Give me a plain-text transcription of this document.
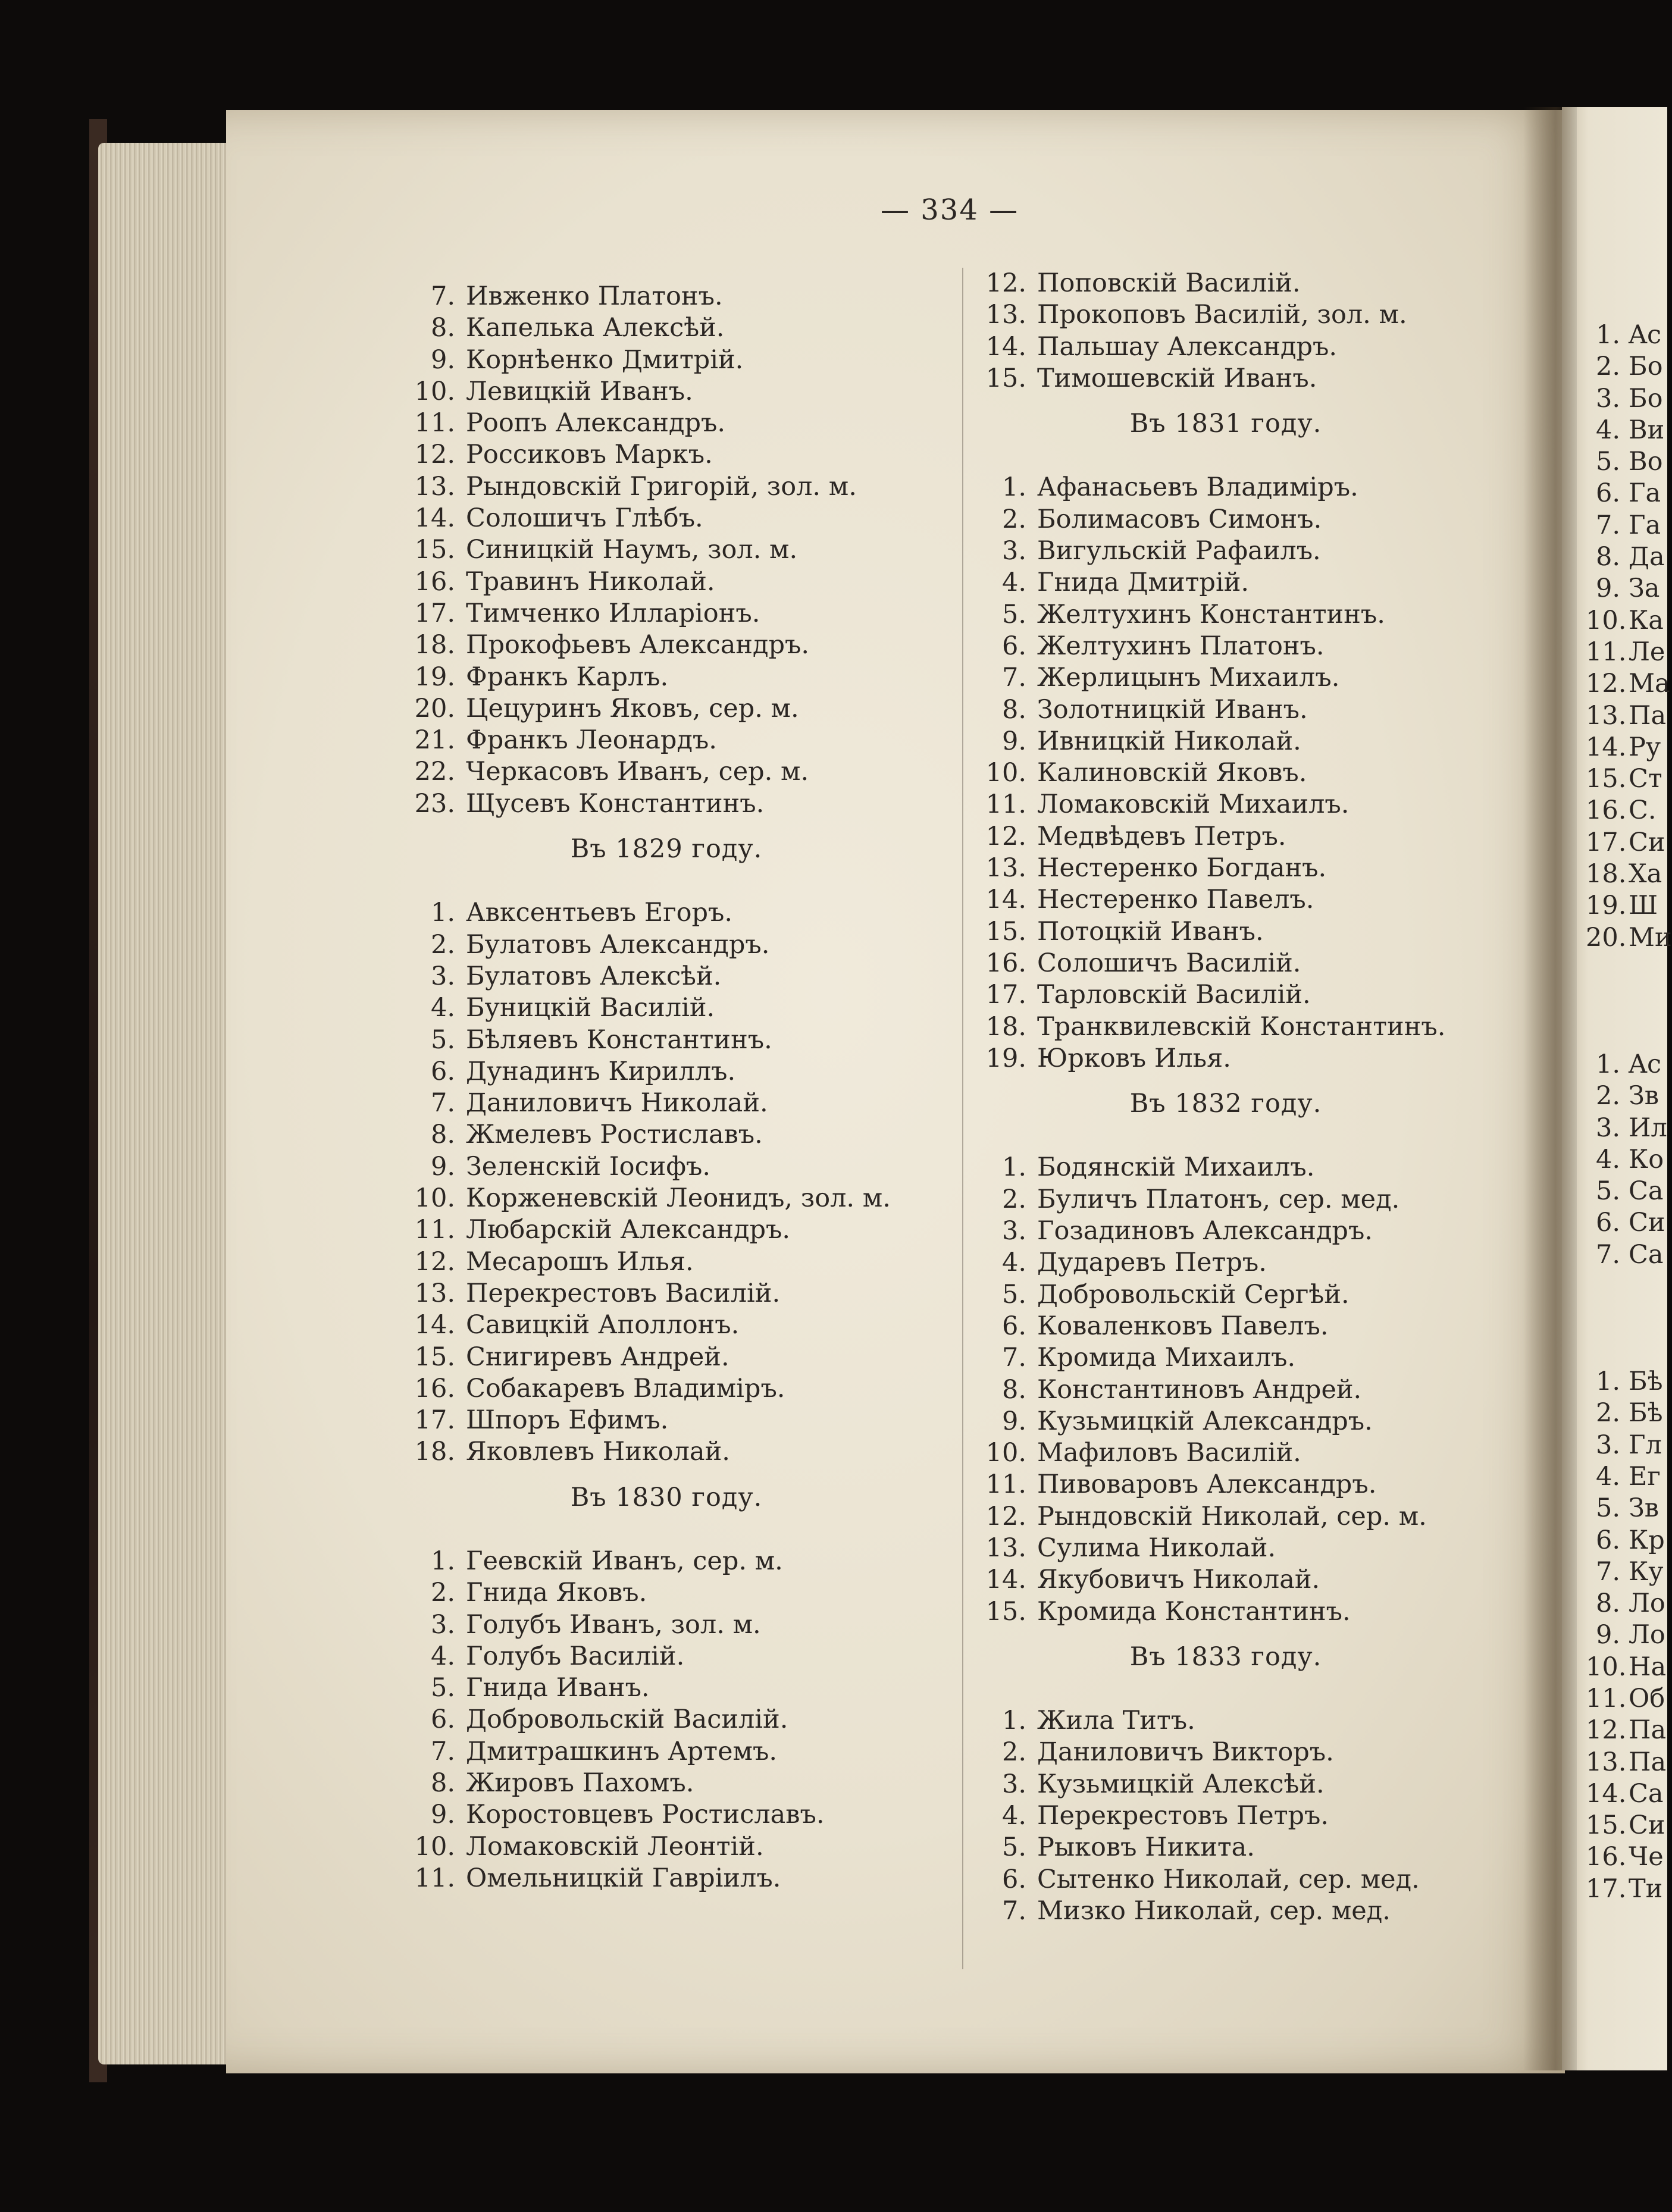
— 334 —
7. Ивженко Платонъ.
8. Капелька Алексѣй.
9. Корнѣенко Дмитрій.
10. Левицкій Иванъ.
11. Роопъ Александръ.
12. Россиковъ Маркъ.
13. Рындовскій Григорій, зол. м.
14. Солошичъ Глѣбъ.
15. Синицкій Наумъ, зол. м.
16. Травинъ Николай.
17. Тимченко Илларіонъ.
18. Прокофьевъ Александръ.
19. Франкъ Карлъ.
20. Цецуринъ Яковъ, сер. м.
21. Франкъ Леонардъ.
22. Черкасовъ Иванъ, сер. м.
23. Щусевъ Константинъ.
Въ 1829 году.
1. Авксентьевъ Егоръ.
2. Булатовъ Александръ.
3. Булатовъ Алексѣй.
4. Буницкій Василій.
5. Бѣляевъ Константинъ.
6. Дунадинъ Кириллъ.
7. Даниловичъ Николай.
8. Жмелевъ Ростиславъ.
9. Зеленскій Іосифъ.
10. Корженевскій Леонидъ, зол. м.
11. Любарскій Александръ.
12. Месарошъ Илья.
13. Перекрестовъ Василій.
14. Савицкій Аполлонъ.
15. Снигиревъ Андрей.
16. Собакаревъ Владиміръ.
17. Шпоръ Ефимъ.
18. Яковлевъ Николай.
Въ 1830 году.
1. Геевскій Иванъ, сер. м.
2. Гнида Яковъ.
3. Голубъ Иванъ, зол. м.
4. Голубъ Василій.
5. Гнида Иванъ.
6. Добровольскій Василій.
7. Дмитрашкинъ Артемъ.
8. Жировъ Пахомъ.
9. Коростовцевъ Ростиславъ.
10. Ломаковскій Леонтій.
11. Омельницкій Гавріилъ.
12. Поповскій Василій.
13. Прокоповъ Василій, зол. м.
14. Пальшау Александръ.
15. Тимошевскій Иванъ.
Въ 1831 году.
1. Афанасьевъ Владиміръ.
2. Болимасовъ Симонъ.
3. Вигульскій Рафаилъ.
4. Гнида Дмитрій.
5. Желтухинъ Константинъ.
6. Желтухинъ Платонъ.
7. Жерлицынъ Михаилъ.
8. Золотницкій Иванъ.
9. Ивницкій Николай.
10. Калиновскій Яковъ.
11. Ломаковскій Михаилъ.
12. Медвѣдевъ Петръ.
13. Нестеренко Богданъ.
14. Нестеренко Павелъ.
15. Потоцкій Иванъ.
16. Солошичъ Василій.
17. Тарловскій Василій.
18. Транквилевскій Константинъ.
19. Юрковъ Илья.
Въ 1832 году.
1. Бодянскій Михаилъ.
2. Буличъ Платонъ, сер. мед.
3. Гозадиновъ Александръ.
4. Дударевъ Петръ.
5. Добровольскій Сергѣй.
6. Коваленковъ Павелъ.
7. Кромида Михаилъ.
8. Константиновъ Андрей.
9. Кузьмицкій Александръ.
10. Мафиловъ Василій.
11. Пивоваровъ Александръ.
12. Рындовскій Николай, сер. м.
13. Сулима Николай.
14. Якубовичъ Николай.
15. Кромида Константинъ.
Въ 1833 году.
1. Жила Титъ.
2. Даниловичъ Викторъ.
3. Кузьмицкій Алексѣй.
4. Перекрестовъ Петръ.
5. Рыковъ Никита.
6. Сытенко Николай, сер. мед.
7. Мизко Николай, сер. мед.
1. Ac
2. Бо
3. Бо
4. Ви
5. Во
6. Га
7. Га
8. Да
9. За
10. Ка
11. Ле
12. Ма
13. Па
14. Ру
15. Ст
16. С.
17. Си
18. Ха
19. Ш
20. Ми
1. Ac
2. Зв
3. Ил
4. Ко
5. Са
6. Си
7. Са
1. Бѣ
2. Бѣ
3. Гл
4. Ег
5. Зв
6. Кр
7. Ку
8. Ло
9. Ло
10. На
11. Об
12. Па
13. Па
14. Са
15. Си
16. Че
17. Ти
